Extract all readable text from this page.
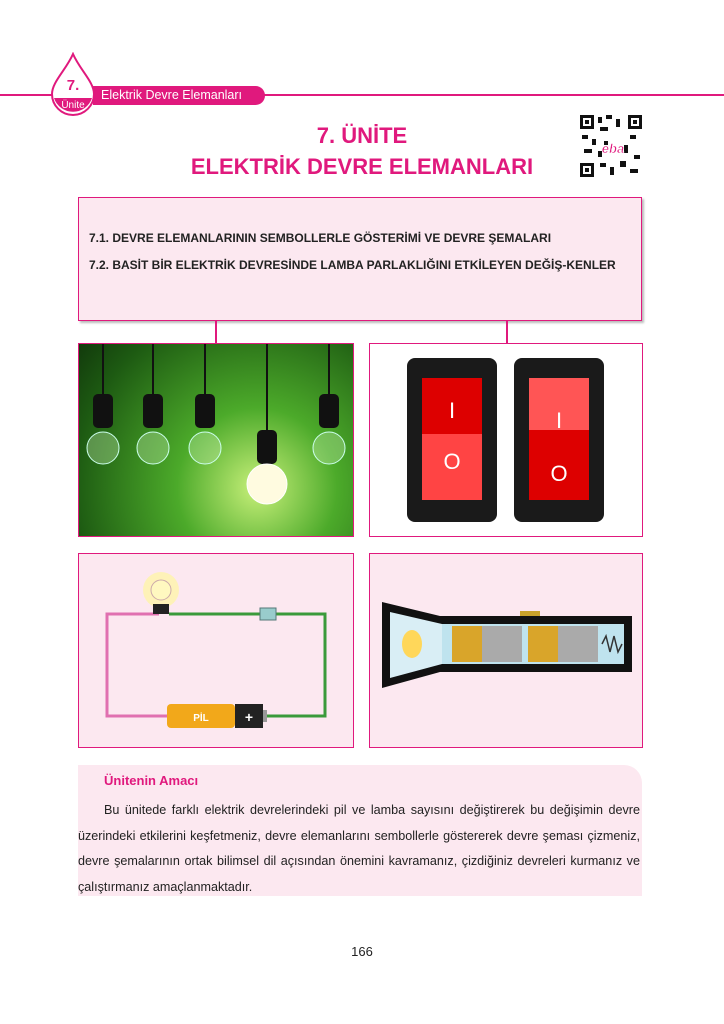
7.
Ünite
Elektrik Devre Elemanları
7. ÜNİTE
ELEKTRİK DEVRE ELEMANLARI
eba

7.1. DEVRE ELEMANLARININ SEMBOLLERLE GÖSTERİMİ VE DEVRE ŞEMALARI

7.2. BASİT BİR ELEKTRİK DEVRESİNDE LAMBA PARLAKLIĞINI ETKİLEYEN DEĞİŞ-KENLER

I
O
I
O
PİL	+
Ünitenin Amacı
Bu ünitede farklı elektrik devrelerindeki pil ve lamba sayısını değiştirerek bu değişimin devre üzerindeki etkilerini keşfetmeniz, devre elemanlarını sembollerle göstererek devre şeması çizmeniz, devre şemalarının ortak bilimsel dil açısından önemini kavramanız, çizdiğiniz devreleri kurmanız ve çalıştırmanız amaçlanmaktadır.
166
